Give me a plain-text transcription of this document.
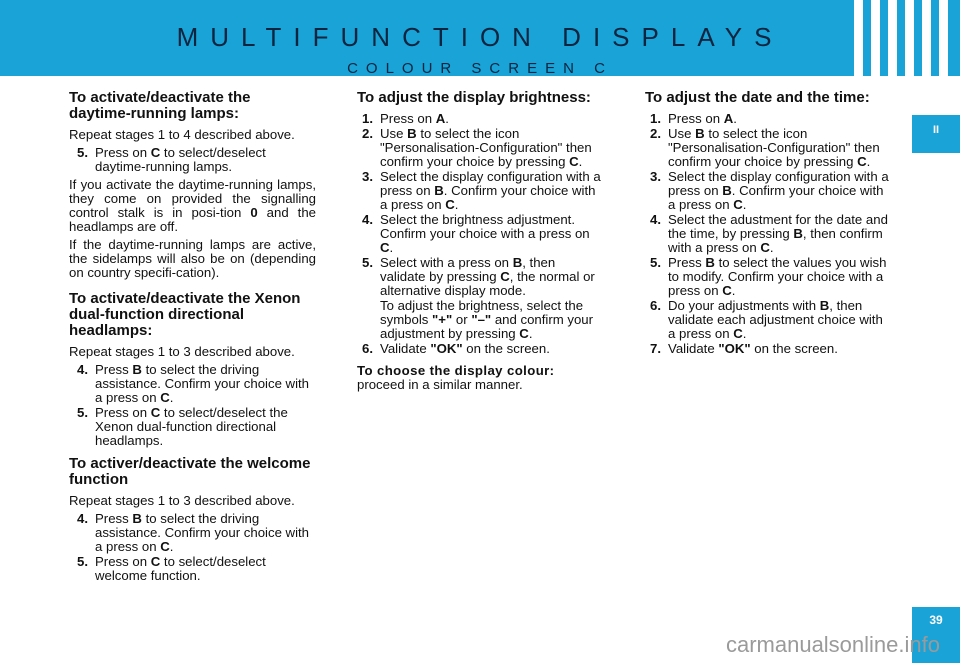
MULTIFUNCTION DISPLAYS
COLOUR SCREEN C
II
39
carmanualsonline.info
To activate/deactivate the daytime-running lamps:

Repeat stages 1 to 4 described above.

5. Press on C to select/deselect daytime-running lamps.

If you activate the daytime-running lamps, they come on provided the signalling control stalk is in posi-tion 0 and the headlamps are off.

If the daytime-running lamps are active, the sidelamps will also be on (depending on country specifi-cation).

To activate/deactivate the Xenon dual-function directional headlamps:

Repeat stages 1 to 3 described above.

4. Press B to select the driving assistance. Confirm your choice with a press on C.
5. Press on C to select/deselect the Xenon dual-function directional headlamps.
To activer/deactivate the welcome function

Repeat stages 1 to 3 described above.

4. Press B to select the driving assistance. Confirm your choice with a press on C.
5. Press on C to select/deselect welcome function.
To adjust the display brightness:
1. Press on A.
2. Use B to select the icon "Personalisation-Configuration" then confirm your choice by pressing C.
3. Select the display configuration with a press on B. Confirm your choice with a press on C.
4. Select the brightness adjustment. Confirm your choice with a press on C.
5. Select with a press on B, then validate by pressing C, the normal or alternative display mode.
To adjust the brightness, select the symbols "+" or "–" and confirm your adjustment by pressing C.
6. Validate "OK" on the screen.
To choose the display colour:
proceed in a similar manner.
To adjust the date and the time:
1. Press on A.
2. Use B to select the icon "Personalisation-Configuration" then confirm your choice by pressing C.
3. Select the display configuration with a press on B. Confirm your choice with a press on C.
4. Select the adustment for the date and the time, by pressing B, then confirm with a press on C.
5. Press B to select the values you wish to modify. Confirm your choice with a press on C.
6. Do your adjustments with B, then validate each adjustment choice with a press on C.
7. Validate "OK" on the screen.
